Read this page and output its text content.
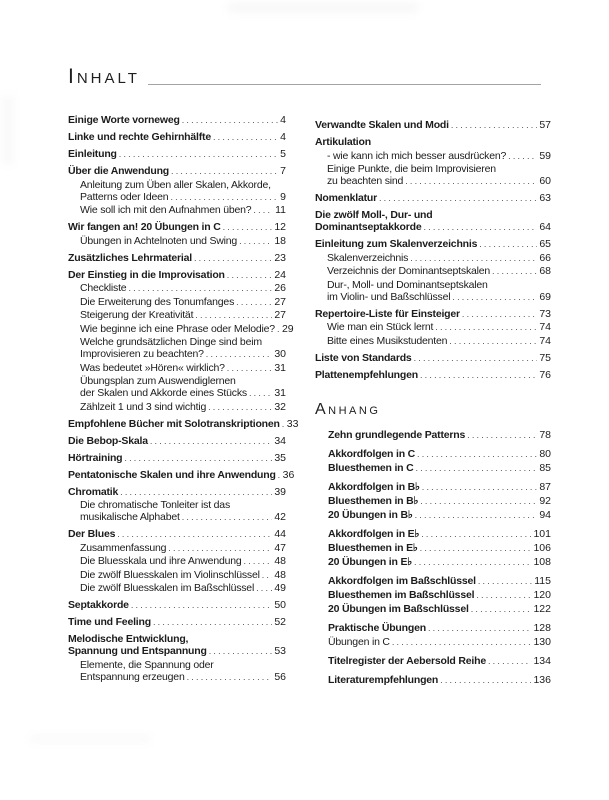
Inhalt
Einige Worte vorneweg .....	4
Linke und rechte Gehirnhälfte .....	4
Einleitung .....	5
Über die Anwendung .....	7
Anleitung zum Üben aller Skalen, Akkorde,
Patterns oder Ideen .....	9
Wie soll ich mit den Aufnahmen üben? ..... 11
Wir fangen an! 20 Übungen in C .....	12
Übungen in Achtelnoten und Swing .....	18
Zusätzliches Lehrmaterial .....	23
Der Einstieg in die Improvisation .....	24
Checkliste .....	26
Die Erweiterung des Tonumfanges .....	27
Steigerung der Kreativität .....	27
Wie beginne ich eine Phrase oder Melodie? ..... 29
Welche grundsätzlichen Dinge sind beim
Improvisieren zu beachten? .....	30
Was bedeutet »Hören« wirklich? .....	31
Übungsplan zum Auswendiglernen
der Skalen und Akkorde eines Stücks .....	31
Zählzeit 1 und 3 sind wichtig .....	32
Empfohlene Bücher mit Solotranskriptionen ..... 33
Die Bebop-Skala .....	34
Hörtraining .....	35
Pentatonische Skalen und ihre Anwendung ..... 36
Chromatik .....	39
Die chromatische Tonleiter ist das
musikalische Alphabet .....	42
Der Blues .....	44
Zusammenfassung .....	47
Die Bluesskala und ihre Anwendung .....	48
Die zwölf Bluesskalen im Violinschlüssel ..... 48
Die zwölf Bluesskalen im Baßschlüssel ..... 49
Septakkorde .....	50
Time und Feeling .....	52
Melodische Entwicklung,
Spannung und Entspannung .....	53
Elemente, die Spannung oder
Entspannung erzeugen .....	56
Verwandte Skalen und Modi .....	57
Artikulation
- wie kann ich mich besser ausdrücken? .....	59
Einige Punkte, die beim Improvisieren
zu beachten sind .....	60
Nomenklatur .....	63
Die zwölf Moll-, Dur- und
Dominantseptakkorde .....	64
Einleitung zum Skalenverzeichnis .....	65
Skalenverzeichnis .....	66
Verzeichnis der Dominantseptskalen .....	68
Dur-, Moll- und Dominantseptskalen
im Violin- und Baßschlüssel .....	69
Repertoire-Liste für Einsteiger .....	73
Wie man ein Stück lernt .....	74
Bitte eines Musikstudenten .....	74
Liste von Standards .....	75
Plattenempfehlungen .....	76
Anhang
Zehn grundlegende Patterns .....	78
Akkordfolgen in C .....	80
Bluesthemen in C .....	85
Akkordfolgen in B♭ .....	87
Bluesthemen in B♭ .....	92
20 Übungen in B♭ .....	94
Akkordfolgen in E♭ .....	101
Bluesthemen in E♭ .....	106
20 Übungen in E♭ .....	108
Akkordfolgen im Baßschlüssel .....	115
Bluesthemen im Baßschlüssel .....	120
20 Übungen im Baßschlüssel .....	122
Praktische Übungen .....	128
Übungen in C .....	130
Titelregister der Aebersold Reihe .....	134
Literaturempfehlungen .....	136
